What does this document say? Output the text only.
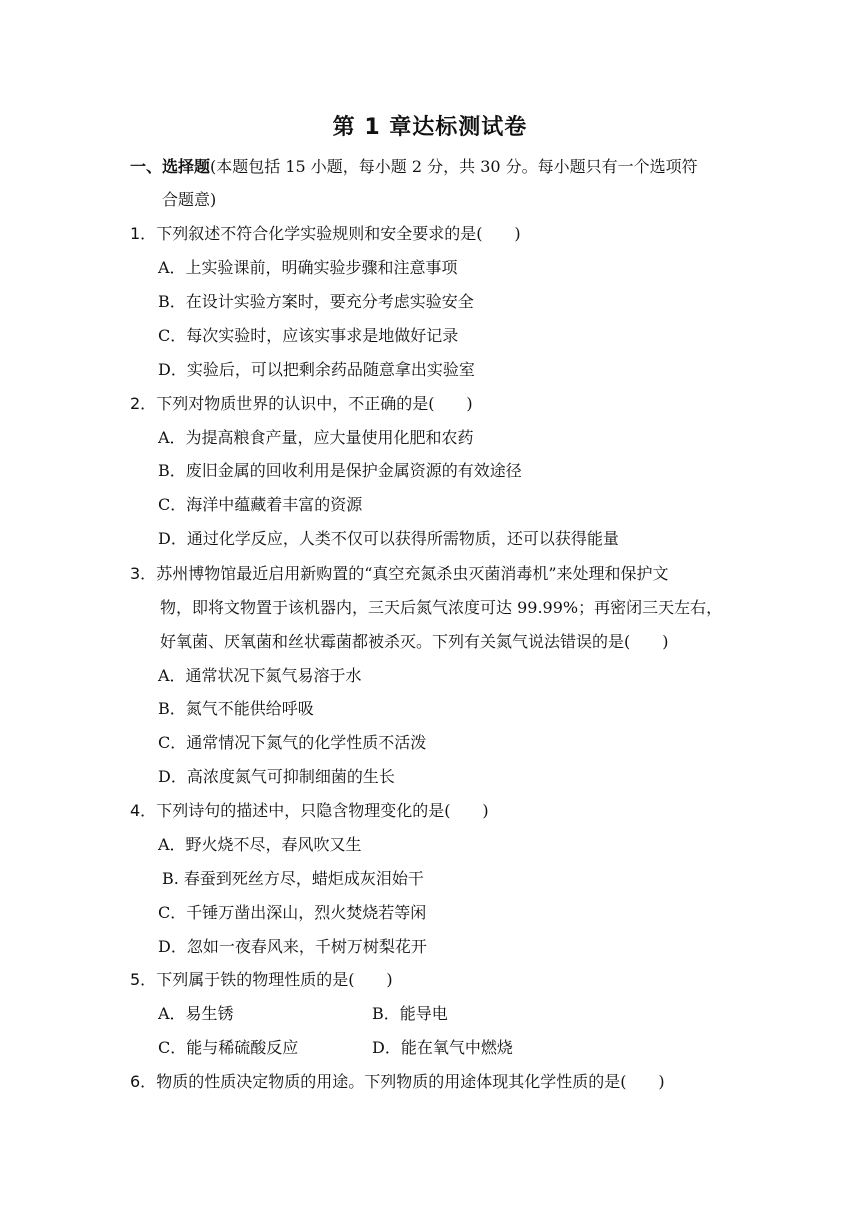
第 1 章达标测试卷
一、选择题(本题包括 15 小题，每小题 2 分，共 30 分。每小题只有一个选项符
合题意)
1．下列叙述不符合化学实验规则和安全要求的是(　　)
A．上实验课前，明确实验步骤和注意事项
B．在设计实验方案时，要充分考虑实验安全
C．每次实验时，应该实事求是地做好记录
D．实验后，可以把剩余药品随意拿出实验室
2．下列对物质世界的认识中，不正确的是(　　)
A．为提高粮食产量，应大量使用化肥和农药
B．废旧金属的回收利用是保护金属资源的有效途径
C．海洋中蕴藏着丰富的资源
D．通过化学反应，人类不仅可以获得所需物质，还可以获得能量
3．苏州博物馆最近启用新购置的“真空充氮杀虫灭菌消毒机”来处理和保护文
物，即将文物置于该机器内，三天后氮气浓度可达 99.99%；再密闭三天左右，
好氧菌、厌氧菌和丝状霉菌都被杀灭。下列有关氮气说法错误的是(　　)
A．通常状况下氮气易溶于水
B．氮气不能供给呼吸
C．通常情况下氮气的化学性质不活泼
D．高浓度氮气可抑制细菌的生长
4．下列诗句的描述中，只隐含物理变化的是(　　)
A．野火烧不尽，春风吹又生
B. 春蚕到死丝方尽，蜡炬成灰泪始干
C．千锤万凿出深山，烈火焚烧若等闲
D．忽如一夜春风来，千树万树梨花开
5．下列属于铁的物理性质的是(　　)
A．易生锈	B．能导电
C．能与稀硫酸反应	D．能在氧气中燃烧
6．物质的性质决定物质的用途。下列物质的用途体现其化学性质的是(　　)
